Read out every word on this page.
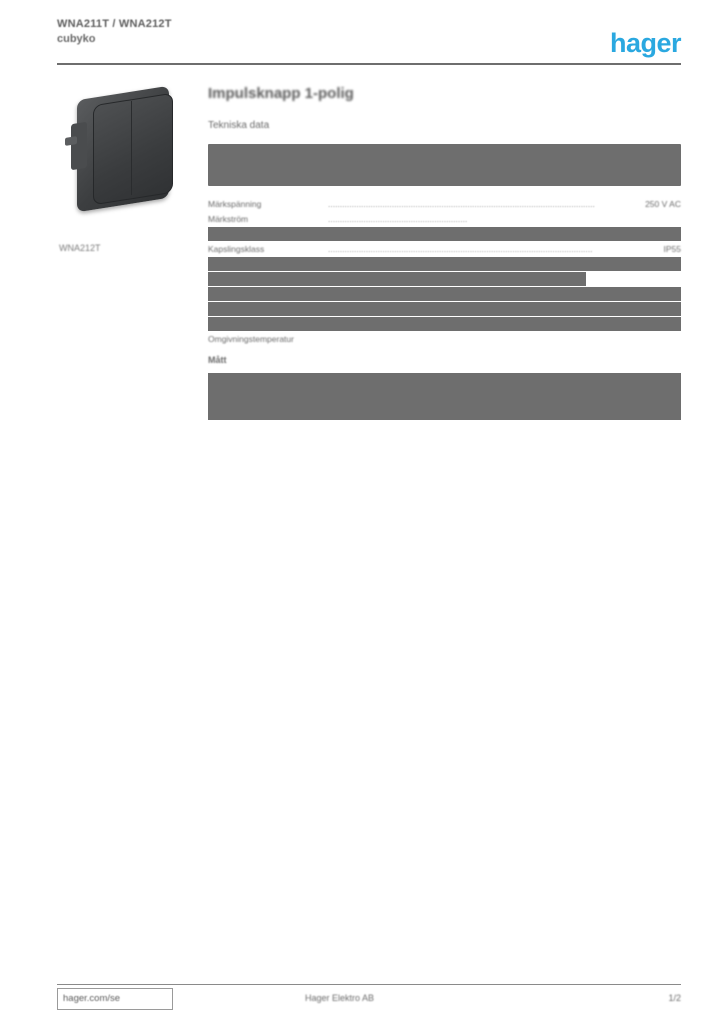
WNA211T / WNA212T
cubyko	hager
WNA212T
Impulsknapp 1-polig
Tekniska data
Märkspänning	.................................................................................................................	250 V AC
Märkström	...........................................................	

Kapslingsklass	................................................................................................................	IP55

Omgivningstemperatur		
Mått
hager.com/se	Hager Elektro AB	1/2
